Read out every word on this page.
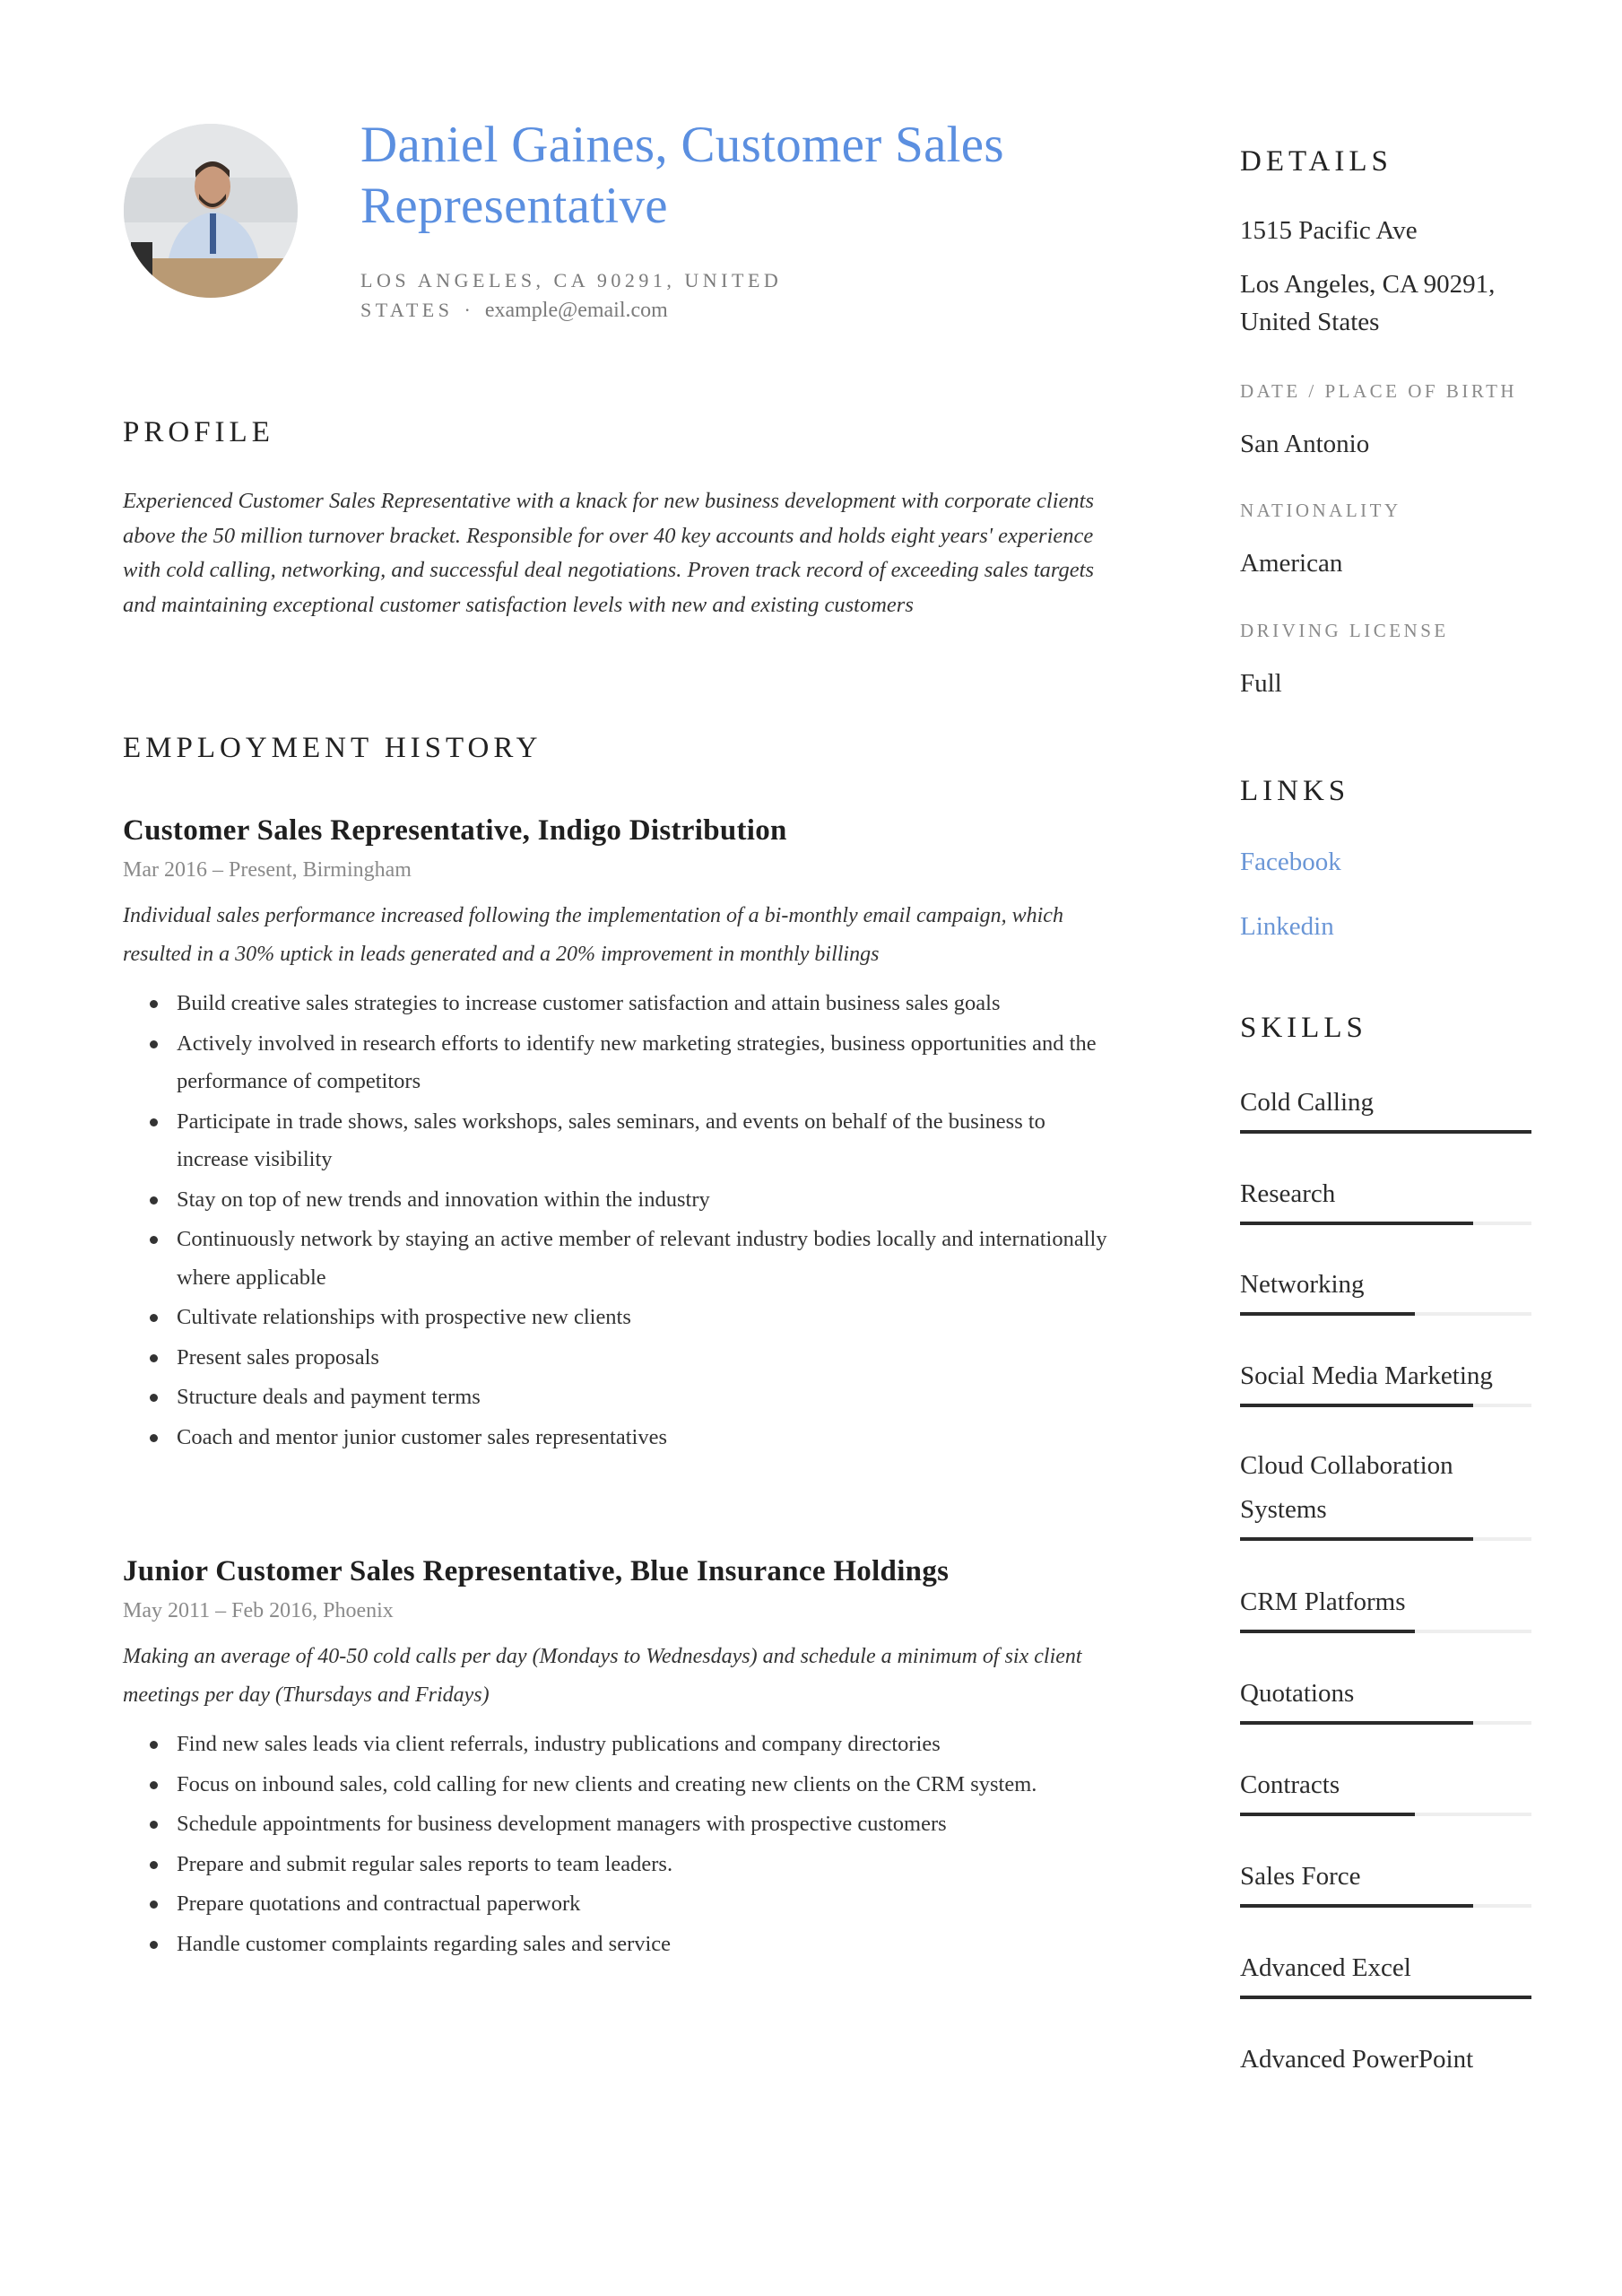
Daniel Gaines, Customer Sales Representative
LOS ANGELES, CA 90291, UNITED STATES · example@email.com
PROFILE
Experienced Customer Sales Representative with a knack for new business development with corporate clients above the 50 million turnover bracket. Responsible for over 40 key accounts and holds eight years' experience with cold calling, networking, and successful deal negotiations. Proven track record of exceeding sales targets and maintaining exceptional customer satisfaction levels with new and existing customers
EMPLOYMENT HISTORY
Customer Sales Representative, Indigo Distribution
Mar 2016 – Present, Birmingham
Individual sales performance increased following the implementation of a bi-monthly email campaign, which resulted in a 30% uptick in leads generated and a 20% improvement in monthly billings
Build creative sales strategies to increase customer satisfaction and attain business sales goals
Actively involved in research efforts to identify new marketing strategies, business opportunities and the performance of competitors
Participate in trade shows, sales workshops, sales seminars, and events on behalf of the business to increase visibility
Stay on top of new trends and innovation within the industry
Continuously network by staying an active member of relevant industry bodies locally and internationally where applicable
Cultivate relationships with prospective new clients
Present sales proposals
Structure deals and payment terms
Coach and mentor junior customer sales representatives
Junior Customer Sales Representative, Blue Insurance Holdings
May 2011 – Feb 2016, Phoenix
Making an average of 40-50 cold calls per day (Mondays to Wednesdays) and schedule a minimum of six client meetings per day (Thursdays and Fridays)
Find new sales leads via client referrals, industry publications and company directories
Focus on inbound sales, cold calling for new clients and creating new clients on the CRM system.
Schedule appointments for business development managers with prospective customers
Prepare and submit regular sales reports to team leaders.
Prepare quotations and contractual paperwork
Handle customer complaints regarding sales and service
DETAILS
1515 Pacific Ave
Los Angeles, CA 90291, United States
DATE / PLACE OF BIRTH
San Antonio
NATIONALITY
American
DRIVING LICENSE
Full
LINKS
Facebook
Linkedin
SKILLS
Cold Calling
Research
Networking
Social Media Marketing
Cloud Collaboration Systems
CRM Platforms
Quotations
Contracts
Sales Force
Advanced Excel
Advanced PowerPoint
